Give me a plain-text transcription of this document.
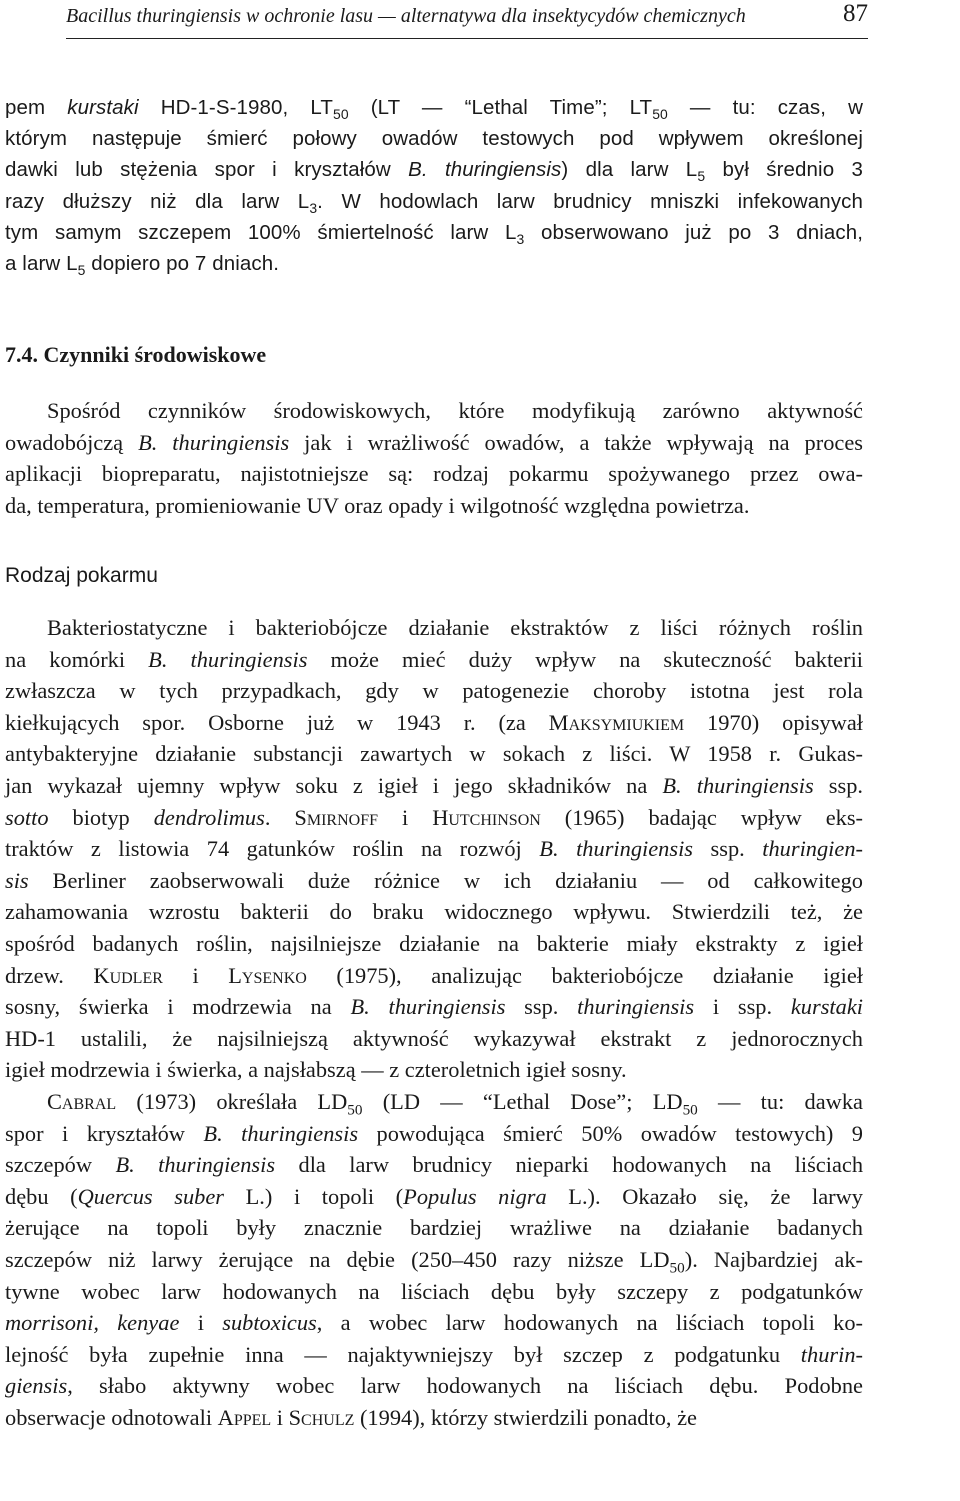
Bacillus thuringiensis w ochronie lasu — alternatywa dla insektycydów chemicznych	87
pem kurstaki HD-1-S-1980, $LT_{50}$ (LT — “Lethal Time”; $LT_{50}$ — tu: czas, w
którym następuje śmierć połowy owadów testowych pod wpływem określonej
dawki lub stężenia spor i kryształów B. thuringiensis) dla larw $L_5$ był średnio 3
razy dłuższy niż dla larw $L_3$. W hodowlach larw brudnicy mniszki infekowanych
tym samym szczepem 100% śmiertelność larw $L_3$ obserwowano już po 3 dniach,
a larw $L_5$ dopiero po 7 dniach.
7.4. Czynniki środowiskowe
Spośród czynników środowiskowych, które modyfikują zarówno aktywność
owadobójczą B. thuringiensis jak i wrażliwość owadów, a także wpływają na proces
aplikacji biopreparatu, najistotniejsze są: rodzaj pokarmu spożywanego przez owa-
da, temperatura, promieniowanie UV oraz opady i wilgotność względna powietrza.
Rodzaj pokarmu
Bakteriostatyczne i bakteriobójcze działanie ekstraktów z liści różnych roślin
na komórki B. thuringiensis może mieć duży wpływ na skuteczność bakterii
zwłaszcza w tych przypadkach, gdy w patogenezie choroby istotna jest rola
kiełkujących spor. Osborne już w 1943 r. (za Maksymiukiem 1970) opisywał
antybakteryjne działanie substancji zawartych w sokach z liści. W 1958 r. Gukas-
jan wykazał ujemny wpływ soku z igieł i jego składników na B. thuringiensis ssp.
sotto biotyp dendrolimus. Smirnoff i Hutchinson (1965) badając wpływ eks-
traktów z listowia 74 gatunków roślin na rozwój B. thuringiensis ssp. thuringien-
sis Berliner zaobserwowali duże różnice w ich działaniu — od całkowitego
zahamowania wzrostu bakterii do braku widocznego wpływu. Stwierdzili też, że
spośród badanych roślin, najsilniejsze działanie na bakterie miały ekstrakty z igieł
drzew. Kudler i Lysenko (1975), analizując bakteriobójcze działanie igieł
sosny, świerka i modrzewia na B. thuringiensis ssp. thuringiensis i ssp. kurstaki
HD-1 ustalili, że najsilniejszą aktywność wykazywał ekstrakt z jednorocznych
igieł modrzewia i świerka, a najsłabszą — z czteroletnich igieł sosny.
Cabral (1973) określała $LD_{50}$ (LD — “Lethal Dose”; $LD_{50}$ — tu: dawka
spor i kryształów B. thuringiensis powodująca śmierć 50% owadów testowych) 9
szczepów B. thuringiensis dla larw brudnicy nieparki hodowanych na liściach
dębu (Quercus suber L.) i topoli (Populus nigra L.). Okazało się, że larwy
żerujące na topoli były znacznie bardziej wrażliwe na działanie badanych
szczepów niż larwy żerujące na dębie (250–450 razy niższe $LD_{50}$). Najbardziej ak-
tywne wobec larw hodowanych na liściach dębu były szczepy z podgatunków
morrisoni, kenyae i subtoxicus, a wobec larw hodowanych na liściach topoli ko-
lejność była zupełnie inna — najaktywniejszy był szczep z podgatunku thurin-
giensis, słabo aktywny wobec larw hodowanych na liściach dębu. Podobne
obserwacje odnotowali Appel i Schulz (1994), którzy stwierdzili ponadto, że
